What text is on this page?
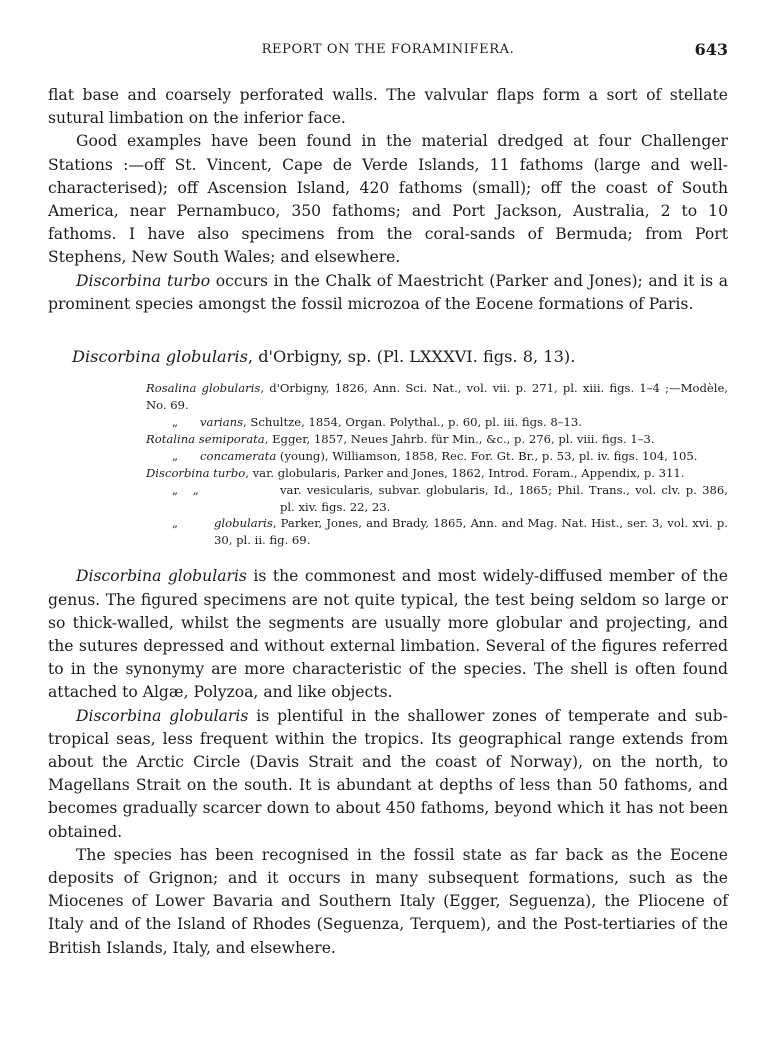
REPORT ON THE FORAMINIFERA.	643

flat base and coarsely perforated walls. The valvular flaps form a sort of stellate sutural limbation on the inferior face.

Good examples have been found in the material dredged at four Challenger Stations :—off St. Vincent, Cape de Verde Islands, 11 fathoms (large and well-characterised); off Ascension Island, 420 fathoms (small); off the coast of South America, near Pernambuco, 350 fathoms; and Port Jackson, Australia, 2 to 10 fathoms. I have also specimens from the coral-sands of Bermuda; from Port Stephens, New South Wales; and elsewhere.

Discorbina turbo occurs in the Chalk of Maestricht (Parker and Jones); and it is a prominent species amongst the fossil microzoa of the Eocene formations of Paris.

Discorbina globularis, d'Orbigny, sp. (Pl. LXXXVI. figs. 8, 13).

Rosalina globularis, d'Orbigny, 1826, Ann. Sci. Nat., vol. vii. p. 271, pl. xiii. figs. 1–4 ;—Modèle, No. 69.

„ varians, Schultze, 1854, Organ. Polythal., p. 60, pl. iii. figs. 8–13.

Rotalina semiporata, Egger, 1857, Neues Jahrb. für Min., &c., p. 276, pl. viii. figs. 1–3.

„ concamerata (young), Williamson, 1858, Rec. For. Gt. Br., p. 53, pl. iv. figs. 104, 105.

Discorbina turbo, var. globularis, Parker and Jones, 1862, Introd. Foram., Appendix, p. 311.

„    „	var. vesicularis, subvar. globularis, Id., 1865; Phil. Trans., vol. clv. p. 386, pl. xiv. figs. 22, 23.

„	globularis, Parker, Jones, and Brady, 1865, Ann. and Mag. Nat. Hist., ser. 3, vol. xvi. p. 30, pl. ii. fig. 69.

Discorbina globularis is the commonest and most widely-diffused member of the genus. The figured specimens are not quite typical, the test being seldom so large or so thick-walled, whilst the segments are usually more globular and projecting, and the sutures depressed and without external limbation. Several of the figures referred to in the synonymy are more characteristic of the species. The shell is often found attached to Algæ, Polyzoa, and like objects.

Discorbina globularis is plentiful in the shallower zones of temperate and sub-tropical seas, less frequent within the tropics. Its geographical range extends from about the Arctic Circle (Davis Strait and the coast of Norway), on the north, to Magellans Strait on the south. It is abundant at depths of less than 50 fathoms, and becomes gradually scarcer down to about 450 fathoms, beyond which it has not been obtained.

The species has been recognised in the fossil state as far back as the Eocene deposits of Grignon; and it occurs in many subsequent formations, such as the Miocenes of Lower Bavaria and Southern Italy (Egger, Seguenza), the Pliocene of Italy and of the Island of Rhodes (Seguenza, Terquem), and the Post-tertiaries of the British Islands, Italy, and elsewhere.
